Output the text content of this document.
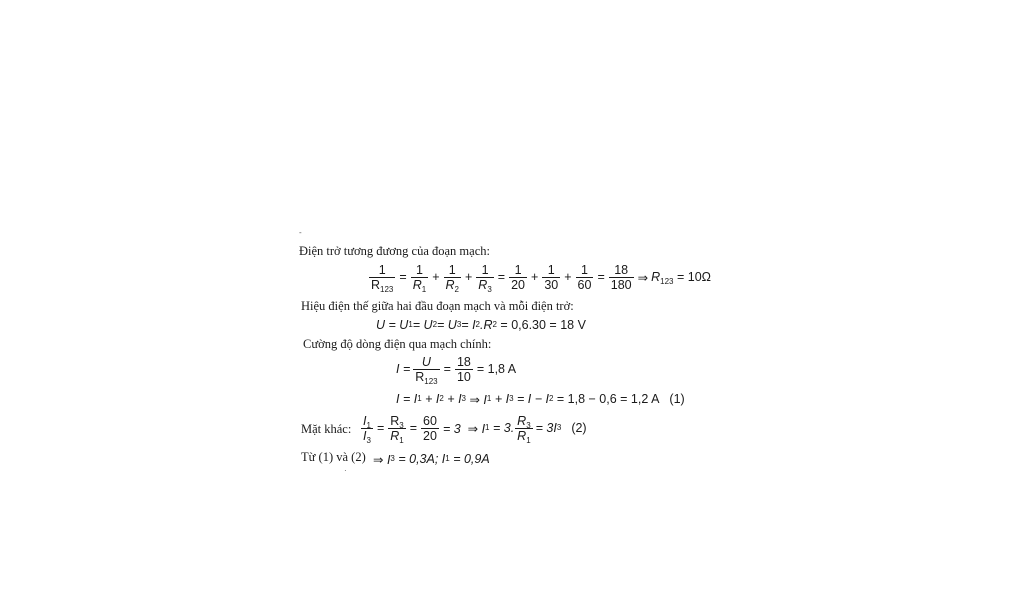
-
·
Điện trở tương đương của đoạn mạch:
$\frac{1}{R_{123}} = \frac{1}{R_1} + \frac{1}{R_2} + \frac{1}{R_3} = \frac{1}{20} + \frac{1}{30} + \frac{1}{60} = \frac{18}{180}$ ⇒ $R_{123} = 10\Omega$
Hiệu điện thế giữa hai đầu đoạn mạch và mỗi điện trở:
U = U 1 = U 2 = U 3 = I 2 .R 2 = 0,6.30 = 18 V
Cường độ dòng điện qua mạch chính:
$I = \frac{U}{R_{123}} = \frac{18}{10} = 1,8$ A
I = I 1 + I 2 + I 3 ⇒ I 1 + I 3 = I − I 2 = 1,8 − 0,6 = 1,2 A (1)
Mặt khác: $\frac{I_1}{I_3} = \frac{R_3}{R_1} = \frac{60}{20} = 3$  ⇒ I 1 = 3. $\frac{R_3}{R_1} = 3I$ 3 (2)
Từ (1) và (2) ⇒ I 3 = 0,3A; I 1 = 0,9A
